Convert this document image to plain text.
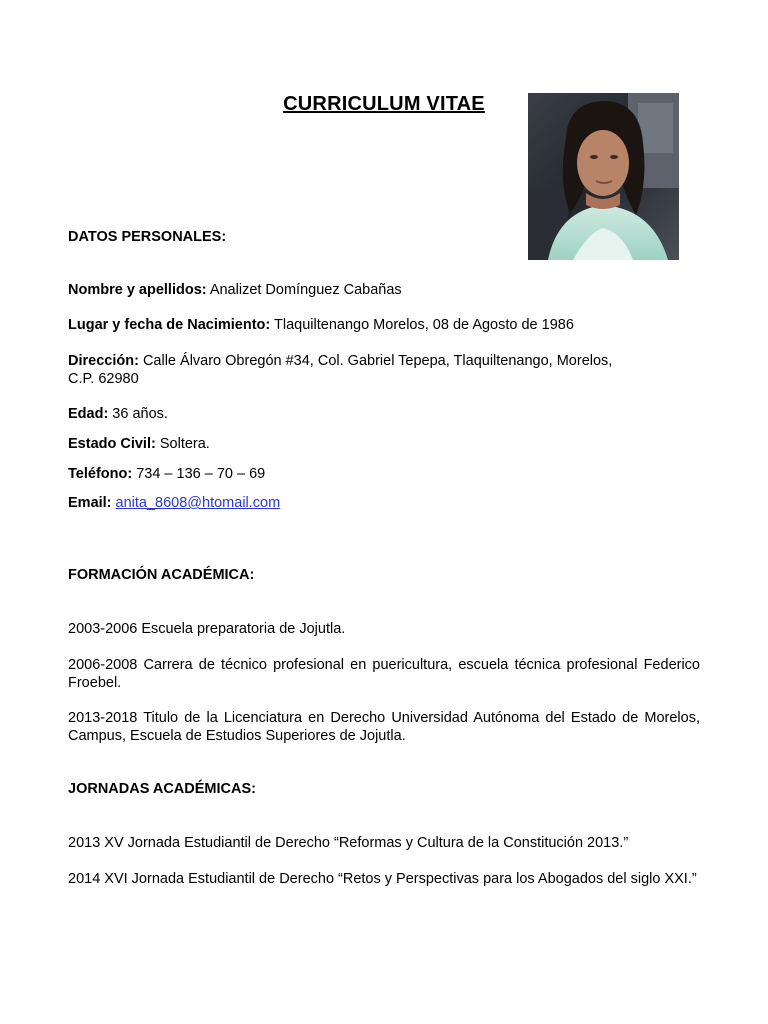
CURRICULUM VITAE
DATOS PERSONALES:
Nombre y apellidos: Analizet Domínguez Cabañas
Lugar y fecha de Nacimiento: Tlaquiltenango Morelos, 08 de Agosto de 1986
Dirección: Calle Álvaro Obregón #34, Col. Gabriel Tepepa, Tlaquiltenango, Morelos,
C.P. 62980
Edad: 36 años.
Estado Civil: Soltera.
Teléfono: 734 – 136 – 70 – 69
Email: anita_8608@htomail.com
FORMACIÓN ACADÉMICA:
2003-2006 Escuela preparatoria de Jojutla.
2006-2008 Carrera de técnico profesional en puericultura, escuela técnica profesional Federico Froebel.
2013-2018 Titulo de la Licenciatura en Derecho Universidad Autónoma del Estado de Morelos, Campus, Escuela de Estudios Superiores de Jojutla.
JORNADAS ACADÉMICAS:
2013 XV Jornada Estudiantil de Derecho “Reformas y Cultura de la Constitución 2013.”
2014 XVI Jornada Estudiantil de Derecho “Retos y Perspectivas para los Abogados del siglo XXI.”
